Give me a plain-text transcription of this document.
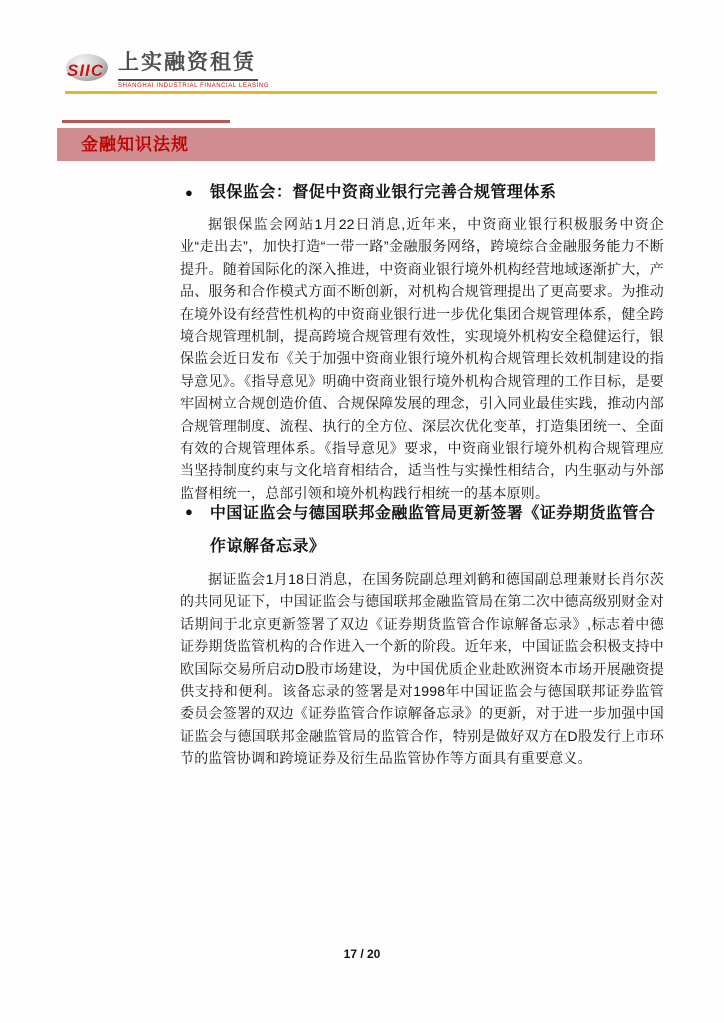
SIIC 上实融资租赁
SHANGHAI INDUSTRIAL FINANCIAL LEASING
金融知识法规
● 银保监会：督促中资商业银行完善合规管理体系
据银保监会网站1月22日消息,近年来，中资商业银行积极服务中资企业“走出去”，加快打造“一带一路”金融服务网络，跨境综合金融服务能力不断提升。随着国际化的深入推进，中资商业银行境外机构经营地域逐渐扩大，产品、服务和合作模式方面不断创新，对机构合规管理提出了更高要求。为推动在境外设有经营性机构的中资商业银行进一步优化集团合规管理体系，健全跨境合规管理机制，提高跨境合规管理有效性，实现境外机构安全稳健运行，银保监会近日发布《关于加强中资商业银行境外机构合规管理长效机制建设的指导意见》。《指导意见》明确中资商业银行境外机构合规管理的工作目标，是要牢固树立合规创造价值、合规保障发展的理念，引入同业最佳实践，推动内部合规管理制度、流程、执行的全方位、深层次优化变革，打造集团统一、全面有效的合规管理体系。《指导意见》要求，中资商业银行境外机构合规管理应当坚持制度约束与文化培育相结合，适当性与实操性相结合，内生驱动与外部监督相统一，总部引领和境外机构践行相统一的基本原则。
● 中国证监会与德国联邦金融监管局更新签署《证券期货监管合作谅解备忘录》
据证监会1月18日消息，在国务院副总理刘鹤和德国副总理兼财长肖尔茨的共同见证下，中国证监会与德国联邦金融监管局在第二次中德高级别财金对话期间于北京更新签署了双边《证券期货监管合作谅解备忘录》,标志着中德证券期货监管机构的合作进入一个新的阶段。近年来，中国证监会积极支持中欧国际交易所启动D股市场建设，为中国优质企业赴欧洲资本市场开展融资提供支持和便利。该备忘录的签署是对1998年中国证监会与德国联邦证券监管委员会签署的双边《证券监管合作谅解备忘录》的更新，对于进一步加强中国证监会与德国联邦金融监管局的监管合作，特别是做好双方在D股发行上市环节的监管协调和跨境证券及衍生品监管协作等方面具有重要意义。
17 / 20
